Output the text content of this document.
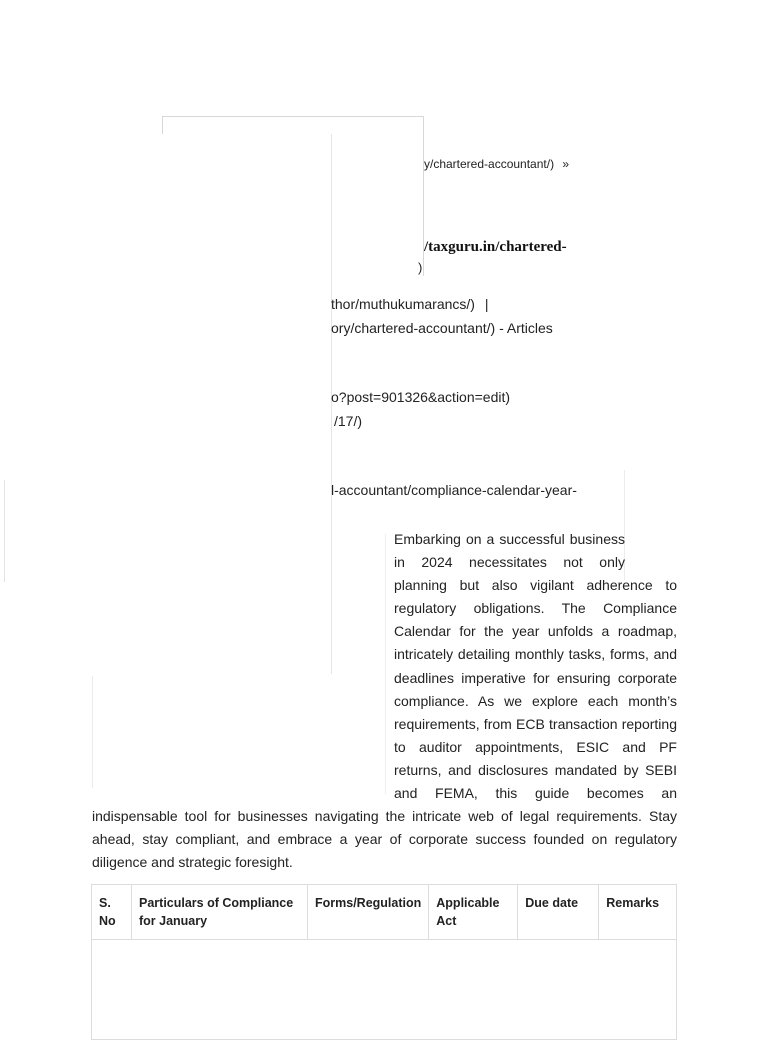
y/chartered-accountant/) »
/taxguru.in/chartered-
)
thor/muthukumarancs/) |
ory/chartered-accountant/) - Articles
o?post=901326&action=edit)
/17/)
l-accountant/compliance-calendar-year-

Embarking on a successful business in 2024 necessitates not only planning but also vigilant adherence to regulatory obligations. The Compliance Calendar for the year unfolds a roadmap, intricately detailing monthly tasks, forms, and deadlines imperative for ensuring corporate compliance. As we explore each month’s requirements, from ECB transaction reporting to auditor appointments, ESIC and PF returns, and disclosures mandated by SEBI and FEMA, this guide becomes an indispensable tool for businesses navigating the intricate web of legal requirements. Stay ahead, stay compliant, and embrace a year of corporate success founded on regulatory diligence and strategic foresight.

S. No	Particulars of Compliance for January	Forms/Regulation	Applicable Act	Due date	Remarks
